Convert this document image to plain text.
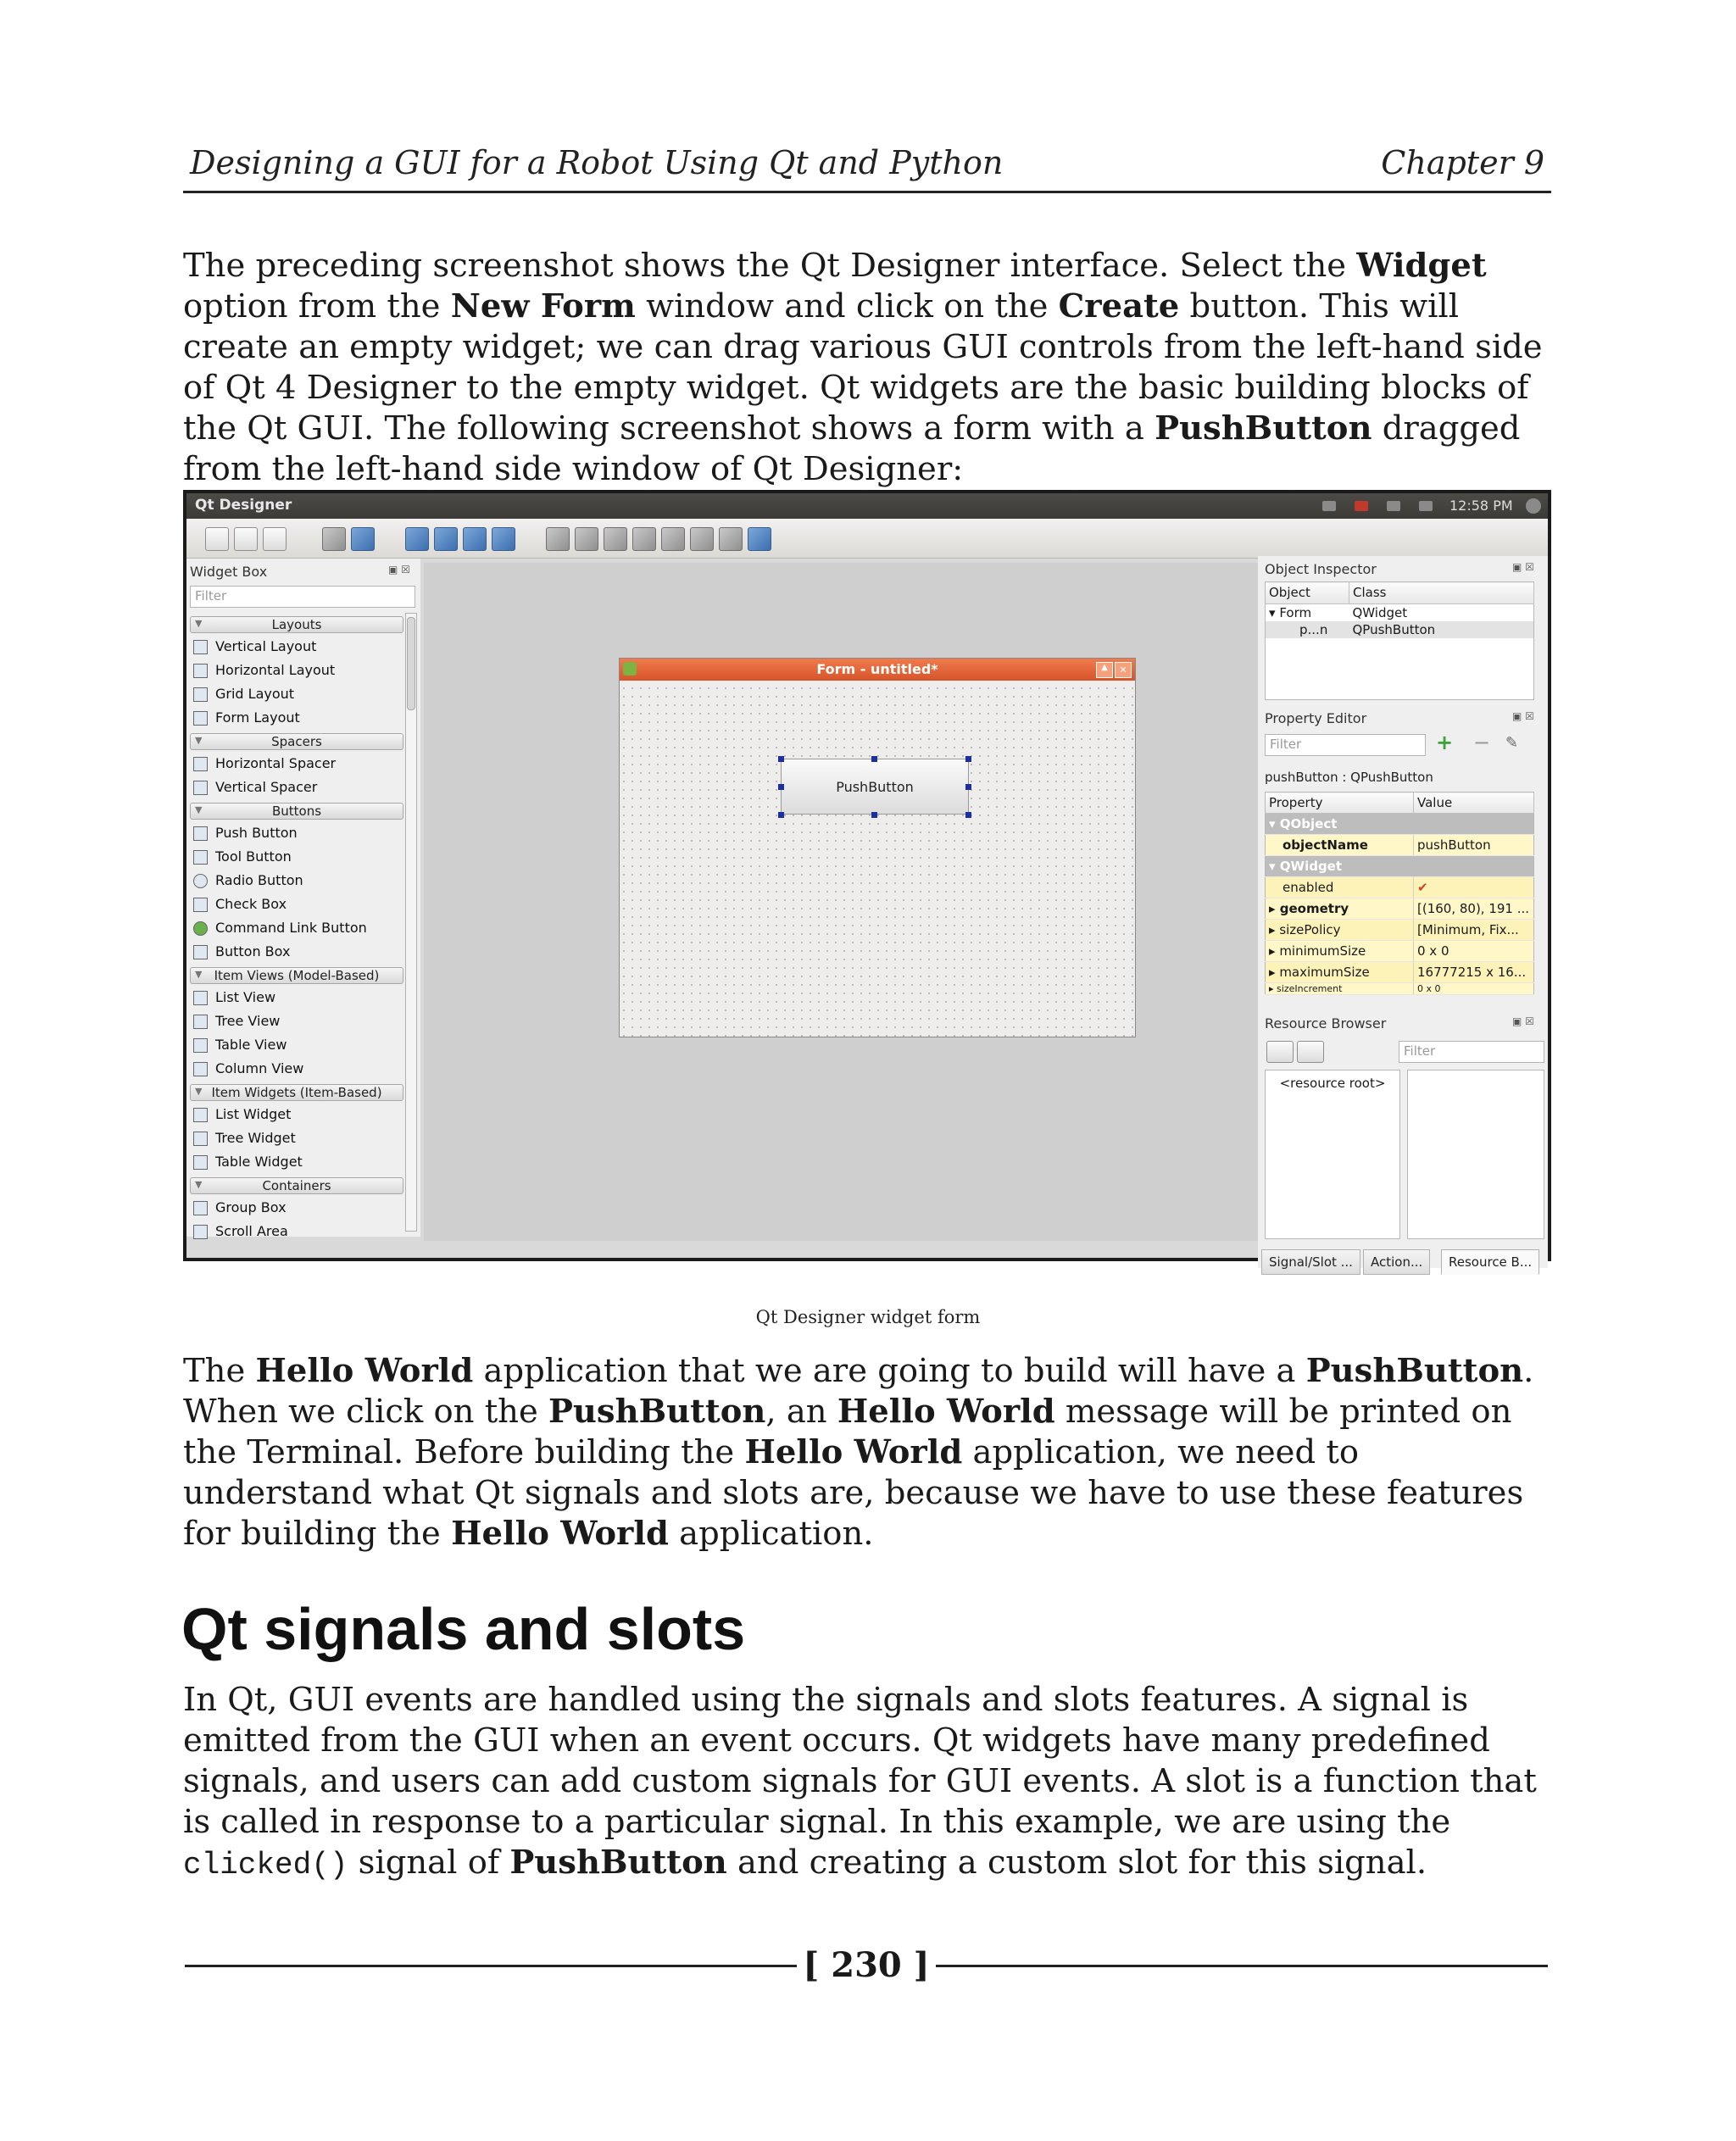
Designing a GUI for a Robot Using Qt and Python	Chapter 9

The preceding screenshot shows the Qt Designer interface. Select the Widget option from the New Form window and click on the Create button. This will create an empty widget; we can drag various GUI controls from the left-hand side of Qt 4 Designer to the empty widget. Qt widgets are the basic building blocks of the Qt GUI. The following screenshot shows a form with a PushButton dragged from the left-hand side window of Qt Designer:

Qt Designer	12:58 PM
Widget Box	▣ ☒
Filter
▼	Layouts
Vertical Layout
Horizontal Layout
Grid Layout
Form Layout
▼	Spacers
Horizontal Spacer
Vertical Spacer
▼	Buttons
Push Button
Tool Button
Radio Button
Check Box
Command Link Button
Button Box
▼ Item Views (Model-Based)
List View
Tree View
Table View
Column View
▼ Item Widgets (Item-Based)
List Widget
Tree Widget
Table Widget
▼	Containers
Group Box
Scroll Area
Form - untitled*	▲	✕
PushButton
Object Inspector	▣ ☒
Object	Class
▾ Form	QWidget
p...n	QPushButton

Property Editor	▣ ☒
Filter	+ − ✎
pushButton : QPushButton
Property	Value
▾ QObject	
objectName	pushButton
▾ QWidget	
enabled	✔
▸ geometry	[(160, 80), 191 ...
▸ sizePolicy	[Minimum, Fix...
▸ minimumSize	0 x 0
▸ maximumSize	16777215 x 16...
▸ sizeIncrement	0 x 0
Resource Browser	▣ ☒
Filter
<resource root>
Signal/Slot ...	Action...	Resource B...
Qt Designer widget form

The Hello World application that we are going to build will have a PushButton. When we click on the PushButton, an Hello World message will be printed on the Terminal. Before building the Hello World application, we need to understand what Qt signals and slots are, because we have to use these features for building the Hello World application.

Qt signals and slots

In Qt, GUI events are handled using the signals and slots features. A signal is emitted from the GUI when an event occurs. Qt widgets have many predefined signals, and users can add custom signals for GUI events. A slot is a function that is called in response to a particular signal. In this example, we are using the clicked() signal of PushButton and creating a custom slot for this signal.

[ 230 ]
